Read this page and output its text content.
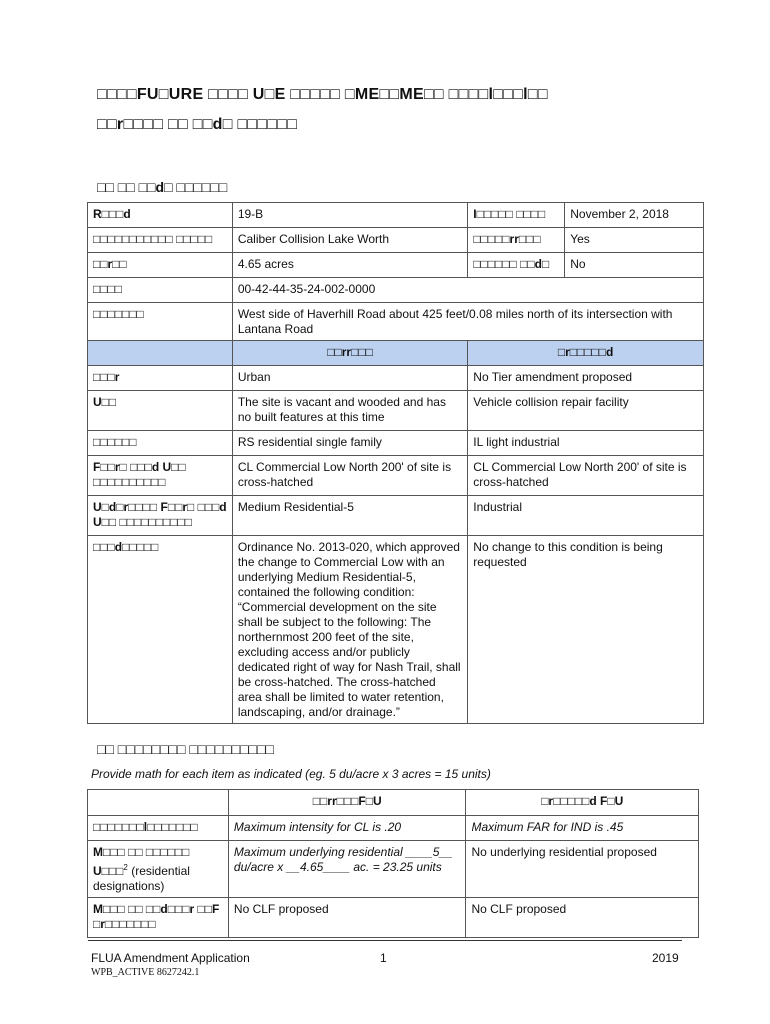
□□□□FU□URE □□□□ U□E □□□□□ □ME□□ME□□ □□□□l□□□l□□
□□r□□□□ □□ □□d□ □□□□□□
□□ □□ □□d□ □□□□□□
R□□□d	19-B	I□□□□□ □□□□	November 2, 2018
□□□□□□□□□□□ □□□□□	Caliber Collision Lake Worth	□□□□□rr□□□	Yes
□□r□□	4.65 acres	□□□□□□ □□d□	No
□□□□	00-42-44-35-24-002-0000		
□□□□□□□	West side of Haverhill Road about 425 feet/0.08 miles north of its intersection with Lantana Road		
	□□rr□□□	□r□□□□□d	
□□□r	Urban	No Tier amendment proposed	
U□□	The site is vacant and wooded and has no built features at this time	Vehicle collision repair facility	
□□□□□□	RS residential single family	IL light industrial	
F□□r□ □□□d U□□ □□□□□□□□□□	CL Commercial Low North 200' of site is cross-hatched	CL Commercial Low North 200' of site is cross-hatched	
U□d□r□□□□ F□□r□ □□□d U□□ □□□□□□□□□□	Medium Residential-5	Industrial	
□□□d□□□□□	Ordinance No. 2013-020, which approved the change to Commercial Low with an underlying Medium Residential-5, contained the following condition: “Commercial development on the site shall be subject to the following: The northernmost 200 feet of the site, excluding access and/or publicly dedicated right of way for Nash Trail, shall be cross-hatched. The cross-hatched area shall be limited to water retention, landscaping, and/or drainage.”	No change to this condition is being requested	
□□ □□□□□□□□ □□□□□□□□□□
Provide math for each item as indicated (eg. 5 du/acre x 3 acres = 15 units)
	□□rr□□□F□U	□r□□□□□d F□U
□□□□□□□l□□□□□□□	Maximum intensity for CL is .20	Maximum FAR for IND is .45
M□□□ □□ □□□□□□ U□□□$^2$ (residential designations)	Maximum underlying residential ____5__ du/acre x __4.65____ ac. = 23.25 units	No underlying residential proposed
M□□□ □□ □□d□□□r □□F □r□□□□□□□	No CLF proposed	No CLF proposed
FLUA Amendment Application	1	2019
WPB_ACTIVE 8627242.1
